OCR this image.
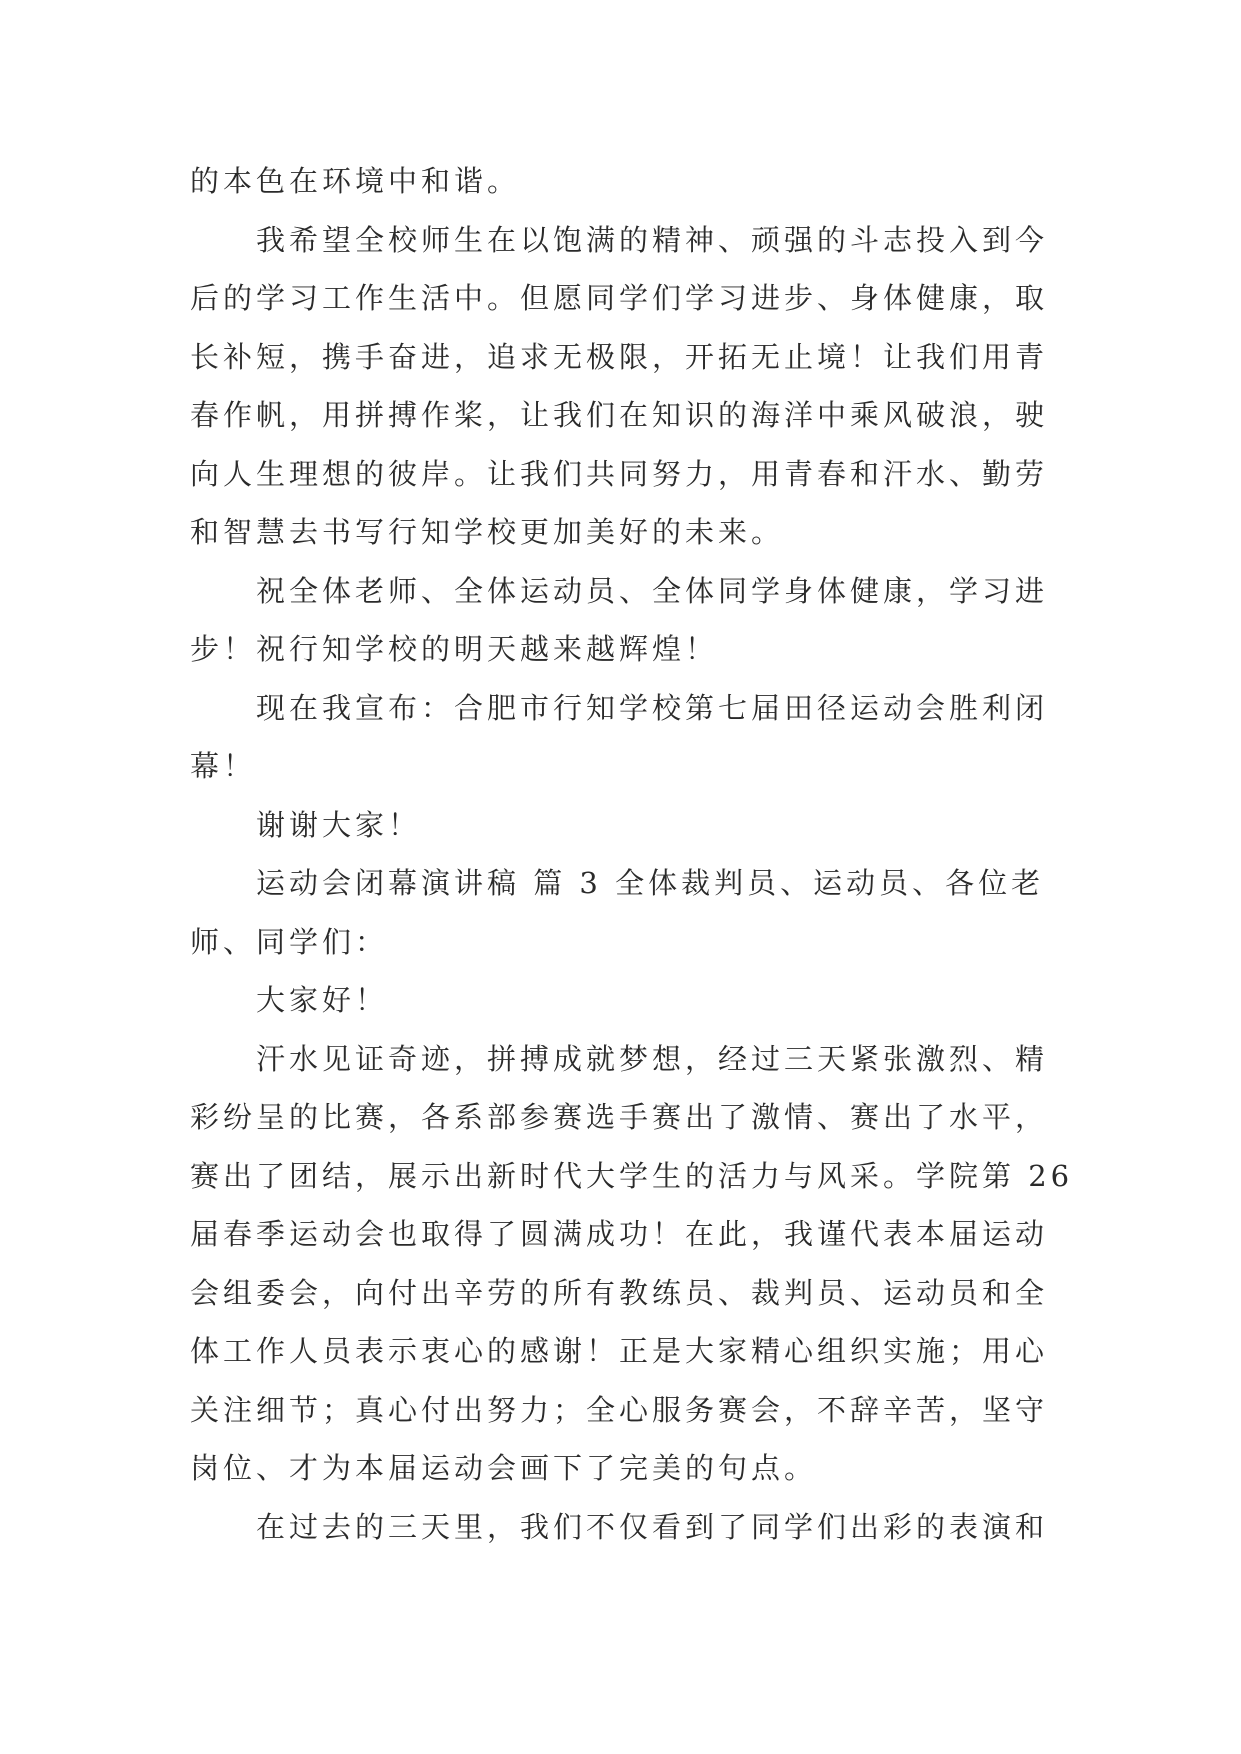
的本色在环境中和谐。
我希望全校师生在以饱满的精神、顽强的斗志投入到今
后的学习工作生活中。但愿同学们学习进步、身体健康，取
长补短，携手奋进，追求无极限，开拓无止境！让我们用青
春作帆，用拼搏作桨，让我们在知识的海洋中乘风破浪，驶
向人生理想的彼岸。让我们共同努力，用青春和汗水、勤劳
和智慧去书写行知学校更加美好的未来。
祝全体老师、全体运动员、全体同学身体健康，学习进
步！祝行知学校的明天越来越辉煌！
现在我宣布：合肥市行知学校第七届田径运动会胜利闭
幕！
谢谢大家！
运动会闭幕演讲稿 篇 3 全体裁判员、运动员、各位老
师、同学们：
大家好！
汗水见证奇迹，拼搏成就梦想，经过三天紧张激烈、精
彩纷呈的比赛，各系部参赛选手赛出了激情、赛出了水平，
赛出了团结，展示出新时代大学生的活力与风采。学院第 26
届春季运动会也取得了圆满成功！在此，我谨代表本届运动
会组委会，向付出辛劳的所有教练员、裁判员、运动员和全
体工作人员表示衷心的感谢！正是大家精心组织实施；用心
关注细节；真心付出努力；全心服务赛会，不辞辛苦，坚守
岗位、才为本届运动会画下了完美的句点。
在过去的三天里，我们不仅看到了同学们出彩的表演和
